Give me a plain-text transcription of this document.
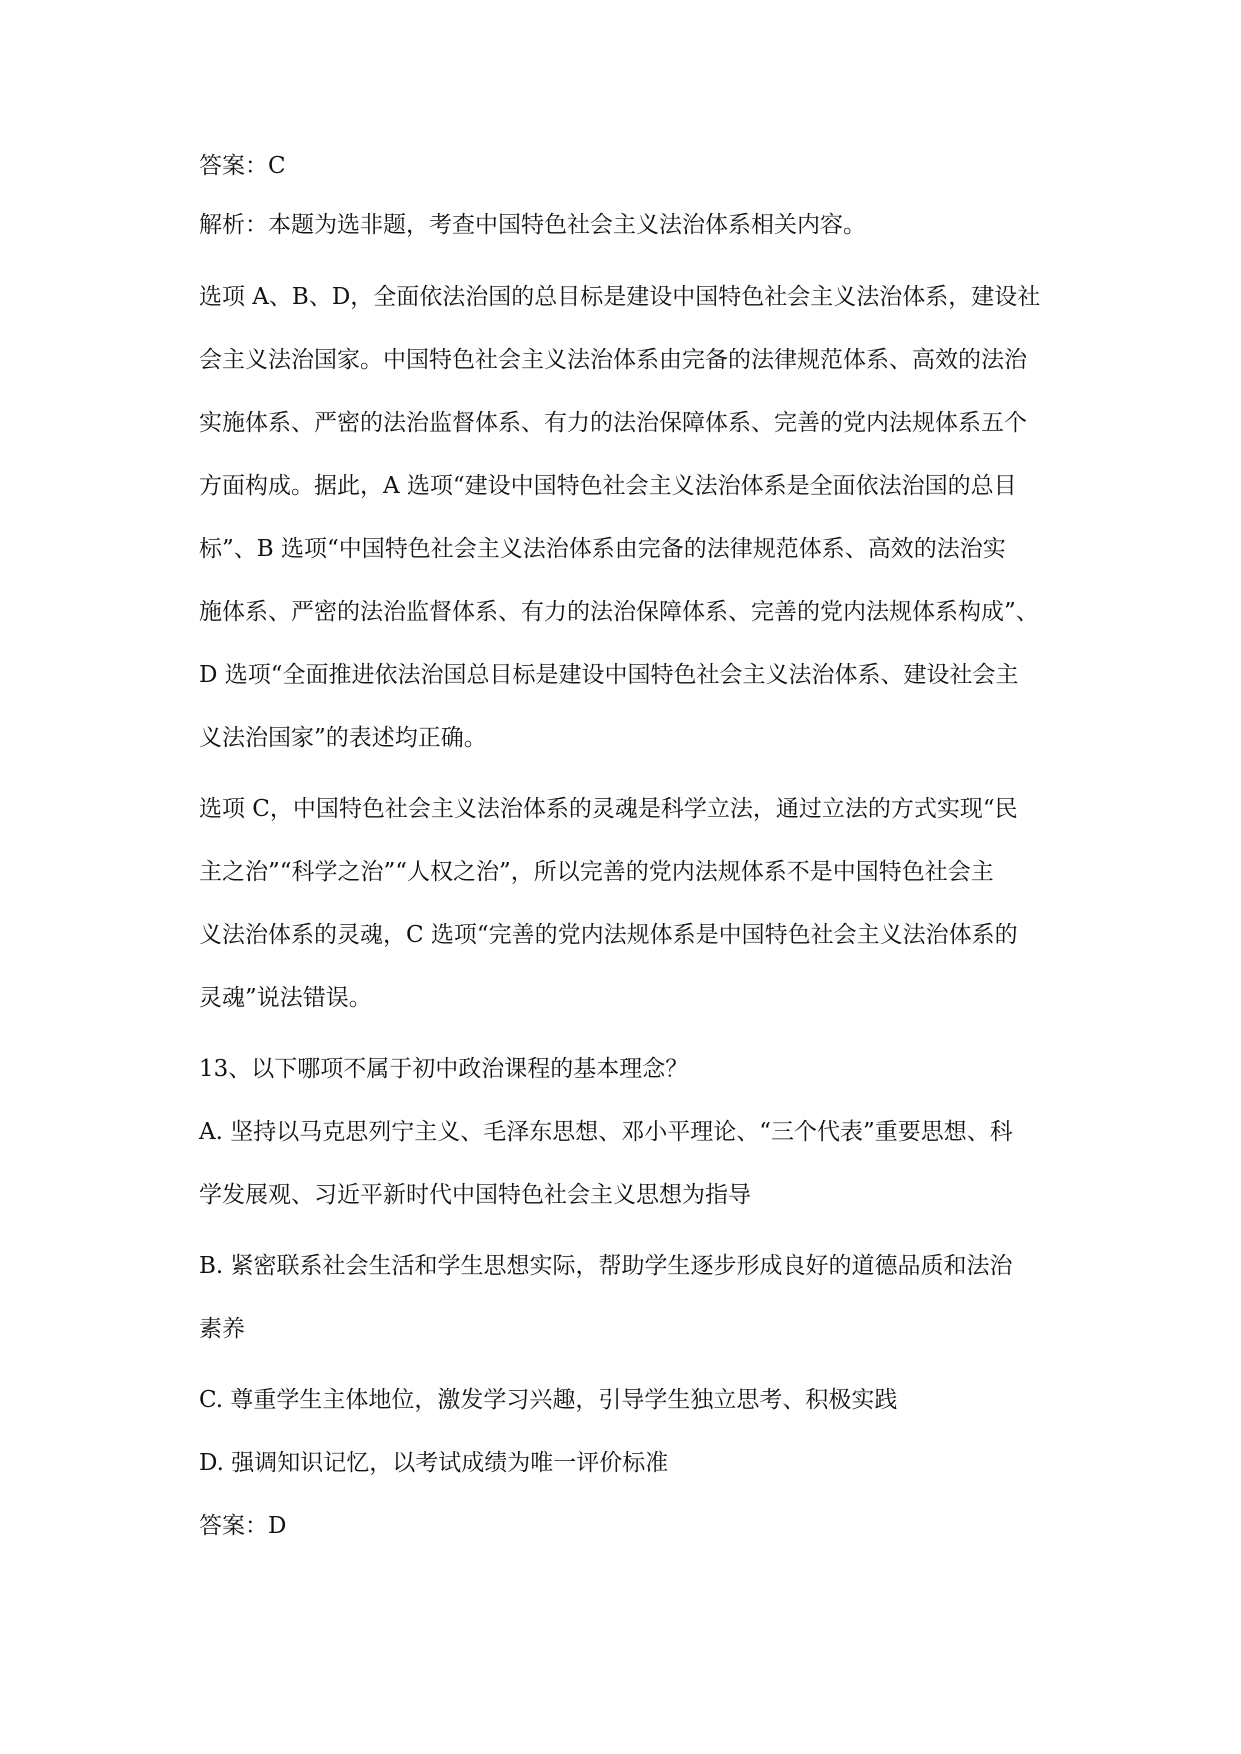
答案：C
解析：本题为选非题，考查中国特色社会主义法治体系相关内容。
选项 A、B、D，全面依法治国的总目标是建设中国特色社会主义法治体系，建设社
会主义法治国家。中国特色社会主义法治体系由完备的法律规范体系、高效的法治
实施体系、严密的法治监督体系、有力的法治保障体系、完善的党内法规体系五个
方面构成。据此，A 选项“建设中国特色社会主义法治体系是全面依法治国的总目
标”、B 选项“中国特色社会主义法治体系由完备的法律规范体系、高效的法治实
施体系、严密的法治监督体系、有力的法治保障体系、完善的党内法规体系构成”、
D 选项“全面推进依法治国总目标是建设中国特色社会主义法治体系、建设社会主
义法治国家”的表述均正确。
选项 C，中国特色社会主义法治体系的灵魂是科学立法，通过立法的方式实现“民
主之治”“科学之治”“人权之治”，所以完善的党内法规体系不是中国特色社会主
义法治体系的灵魂，C 选项“完善的党内法规体系是中国特色社会主义法治体系的
灵魂”说法错误。
13、以下哪项不属于初中政治课程的基本理念？
A. 坚持以马克思列宁主义、毛泽东思想、邓小平理论、“三个代表”重要思想、科
学发展观、习近平新时代中国特色社会主义思想为指导
B. 紧密联系社会生活和学生思想实际，帮助学生逐步形成良好的道德品质和法治
素养
C. 尊重学生主体地位，激发学习兴趣，引导学生独立思考、积极实践
D. 强调知识记忆，以考试成绩为唯一评价标准
答案：D
